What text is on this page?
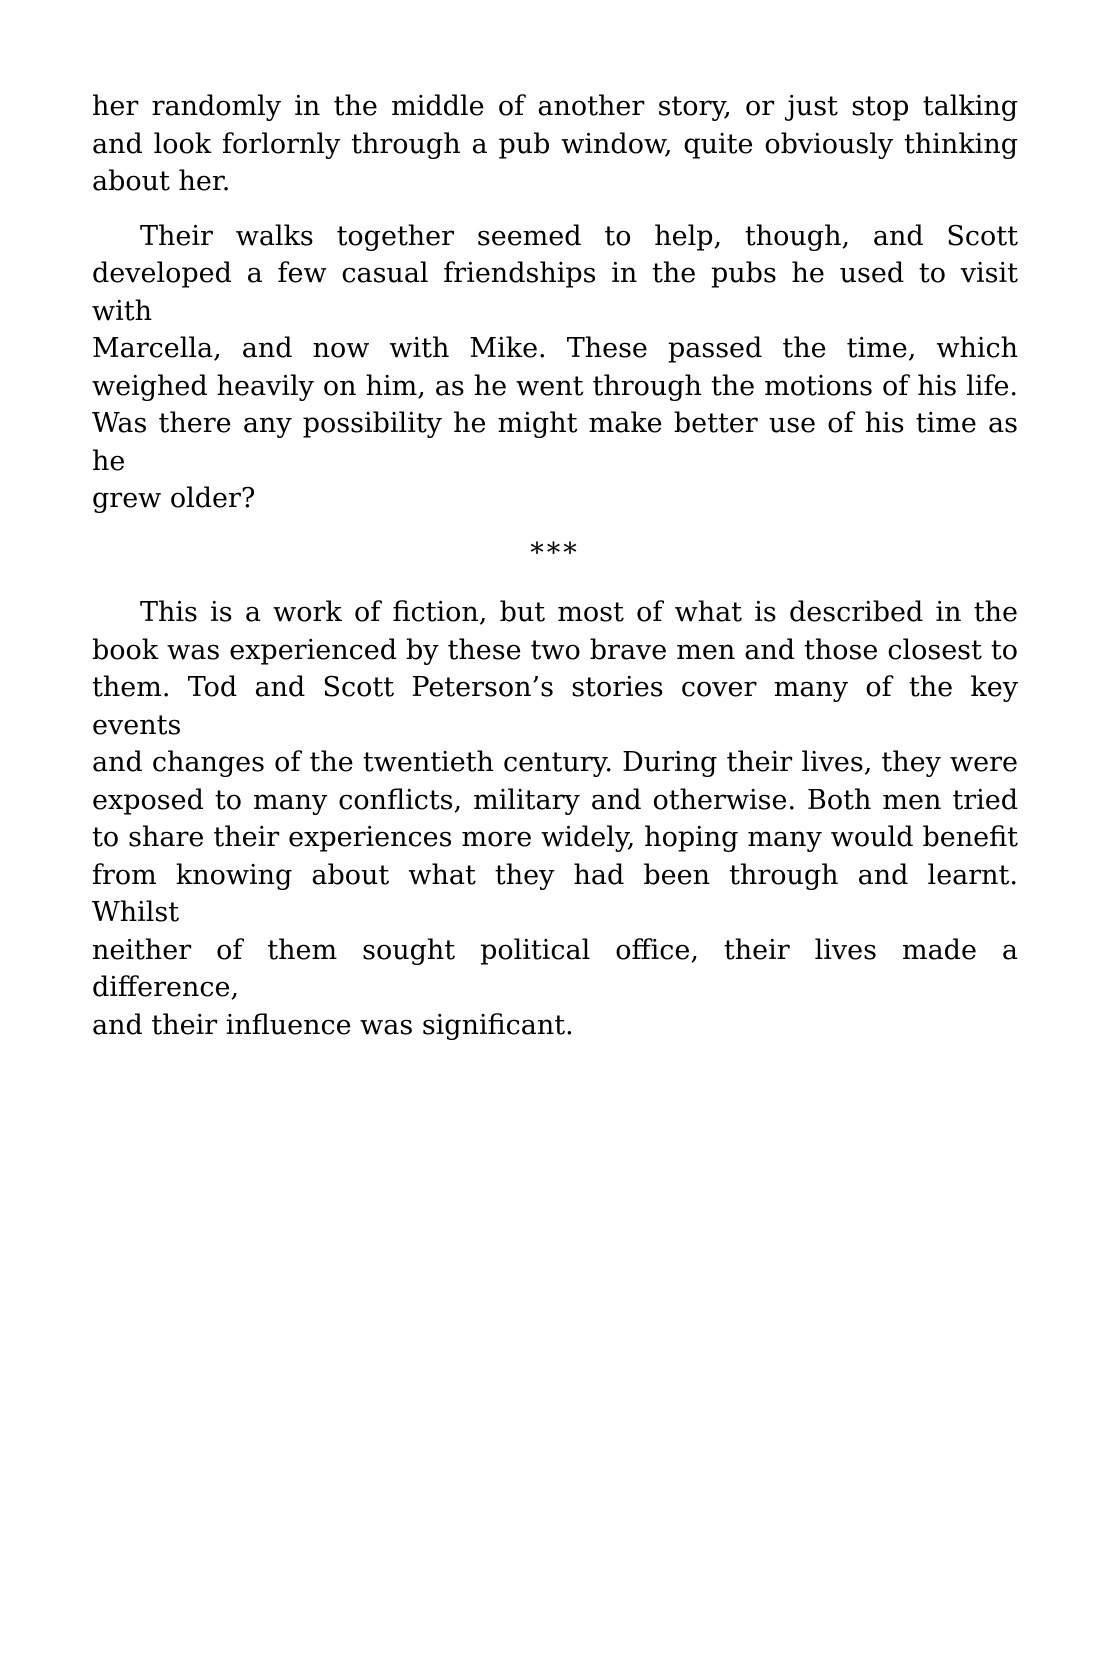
her randomly in the middle of another story, or just stop talking
and look forlornly through a pub window, quite obviously thinking
about her.

Their walks together seemed to help, though, and Scott
developed a few casual friendships in the pubs he used to visit with
Marcella, and now with Mike. These passed the time, which
weighed heavily on him, as he went through the motions of his life.
Was there any possibility he might make better use of his time as he
grew older?

***

This is a work of fiction, but most of what is described in the
book was experienced by these two brave men and those closest to
them. Tod and Scott Peterson’s stories cover many of the key events
and changes of the twentieth century. During their lives, they were
exposed to many conflicts, military and otherwise. Both men tried
to share their experiences more widely, hoping many would benefit
from knowing about what they had been through and learnt. Whilst
neither of them sought political office, their lives made a difference,
and their influence was significant.
